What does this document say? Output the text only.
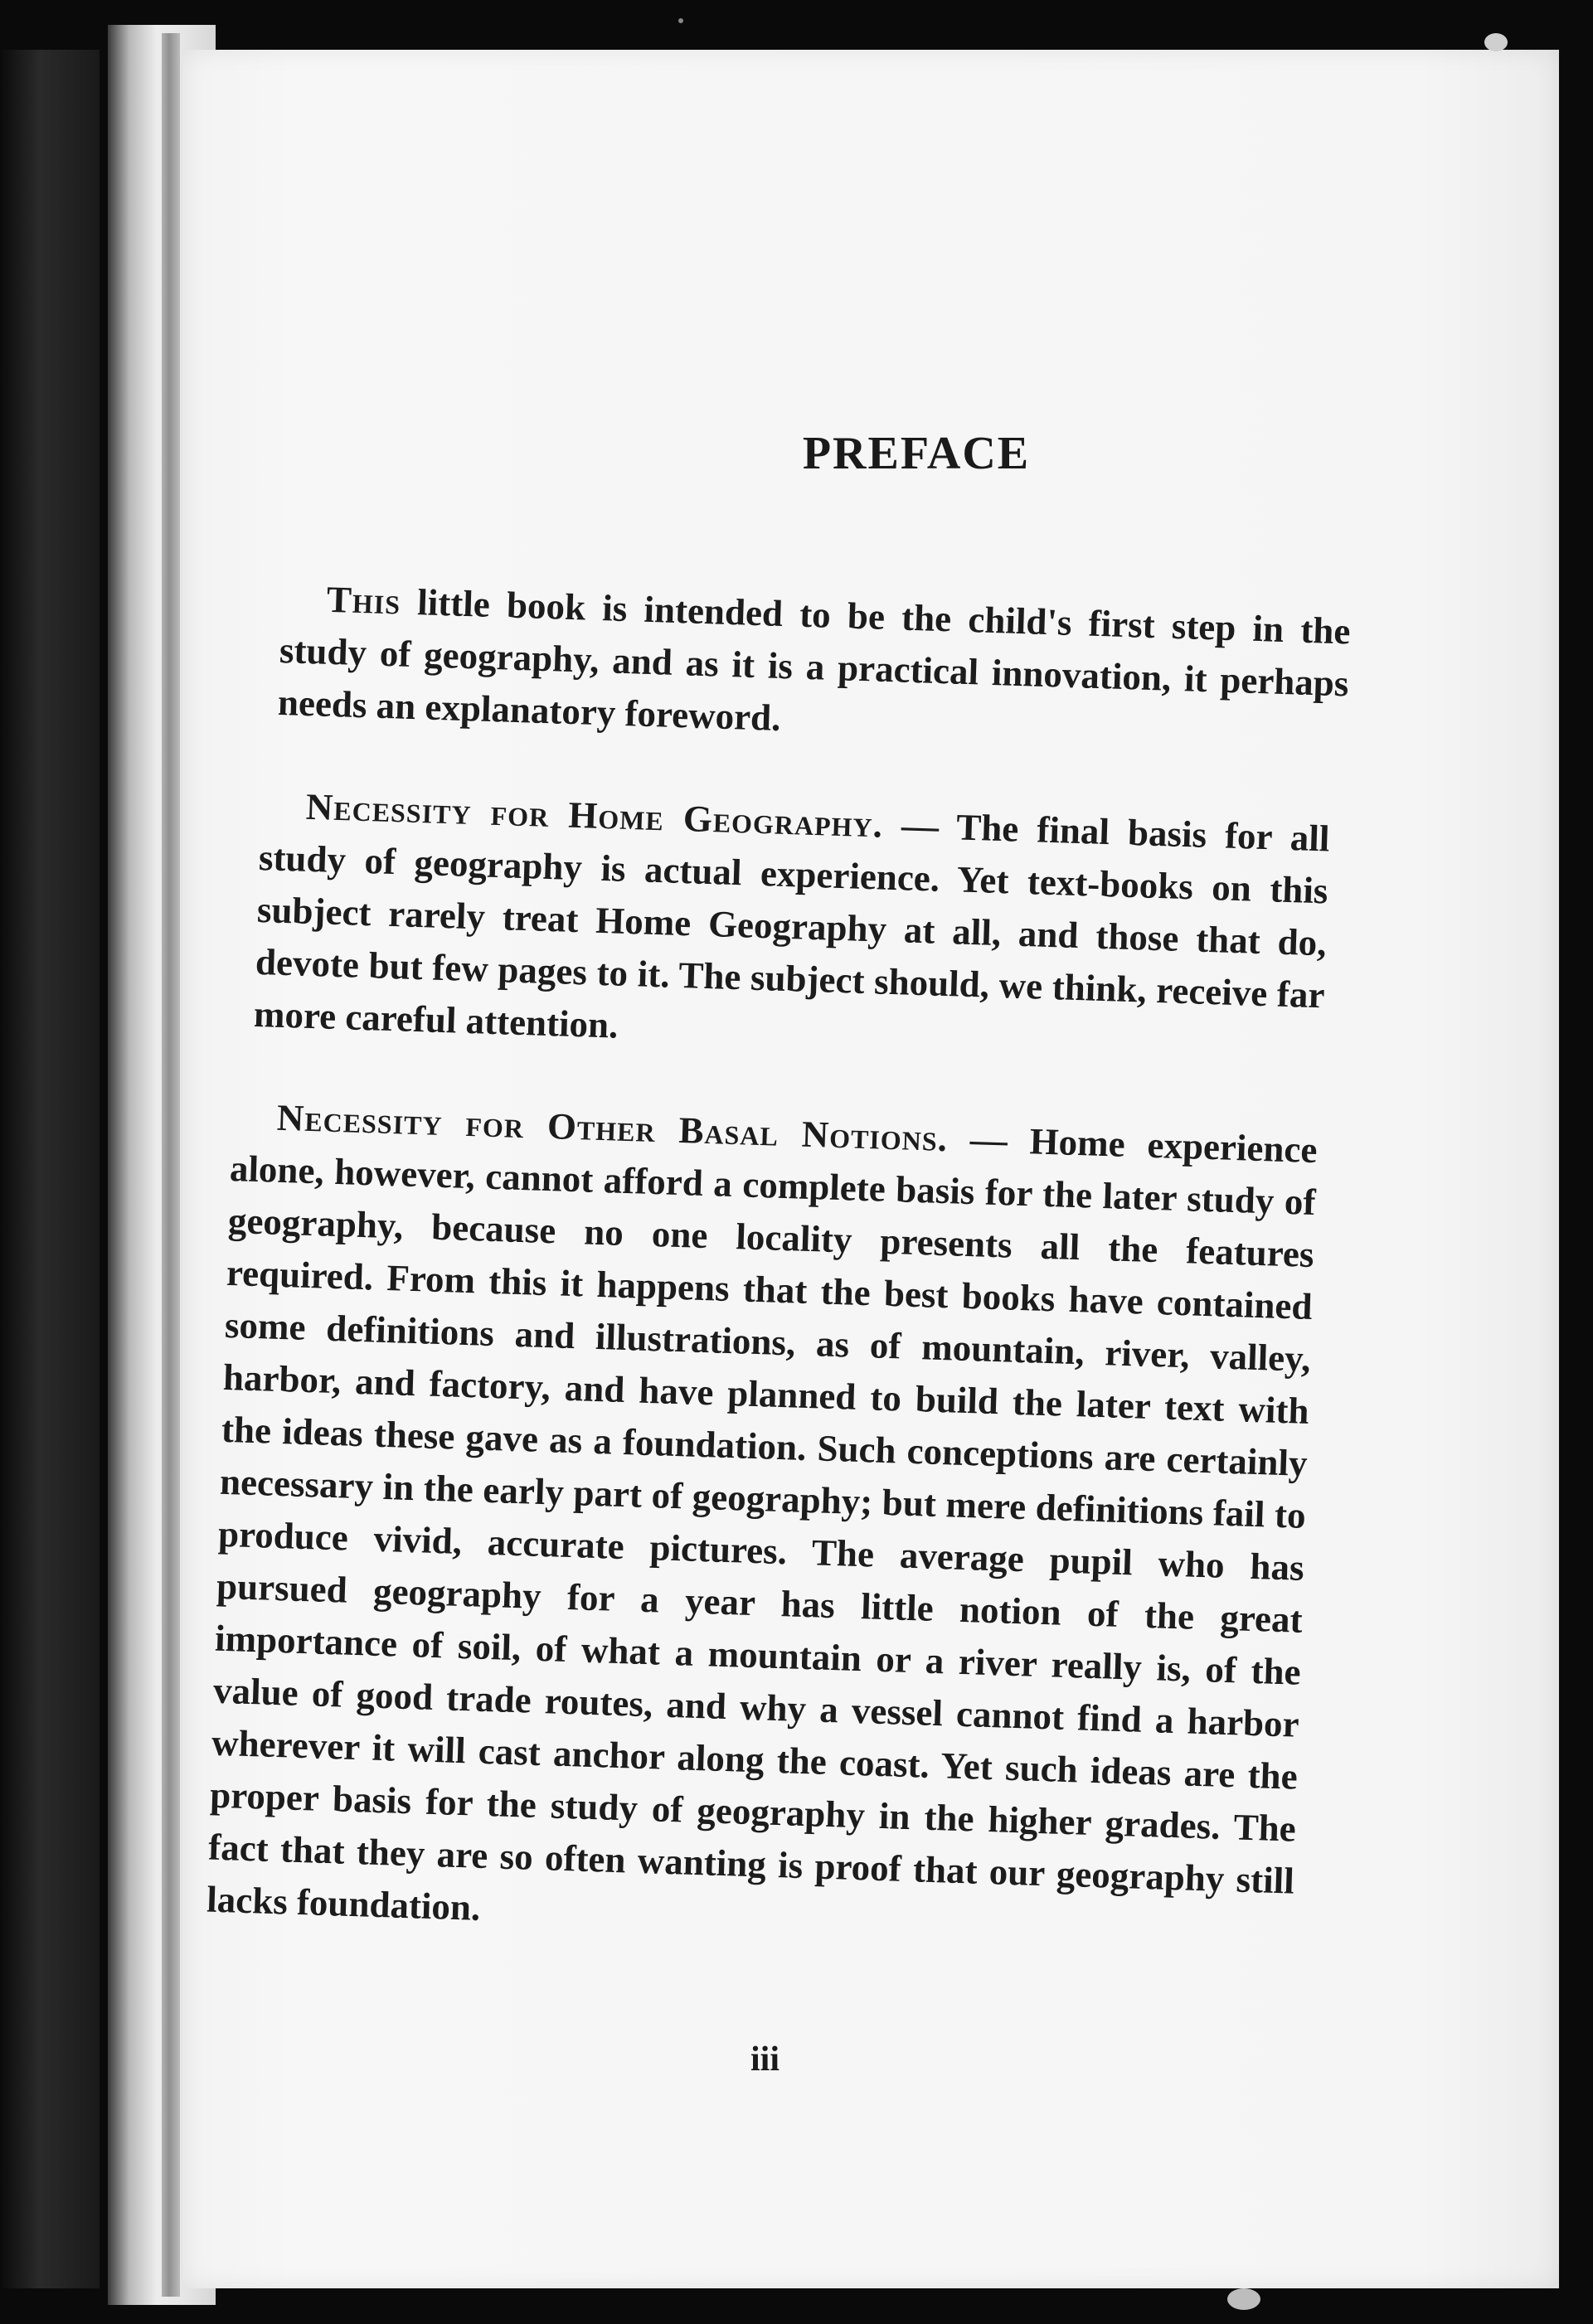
PREFACE
This little book is intended to be the child's first step in the study of geography, and as it is a practical innovation, it perhaps needs an explanatory foreword.
Necessity for Home Geography. — The final basis for all study of geography is actual experience. Yet text-books on this subject rarely treat Home Geography at all, and those that do, devote but few pages to it. The subject should, we think, receive far more careful attention.
Necessity for Other Basal Notions. — Home experience alone, however, cannot afford a complete basis for the later study of geography, because no one locality presents all the features required. From this it happens that the best books have contained some definitions and illustrations, as of mountain, river, valley, harbor, and factory, and have planned to build the later text with the ideas these gave as a foundation. Such conceptions are certainly necessary in the early part of geography; but mere definitions fail to produce vivid, accurate pictures. The average pupil who has pursued geography for a year has little notion of the great importance of soil, of what a mountain or a river really is, of the value of good trade routes, and why a vessel cannot find a harbor wherever it will cast anchor along the coast. Yet such ideas are the proper basis for the study of geography in the higher grades. The fact that they are so often wanting is proof that our geography still lacks foundation.
iii
